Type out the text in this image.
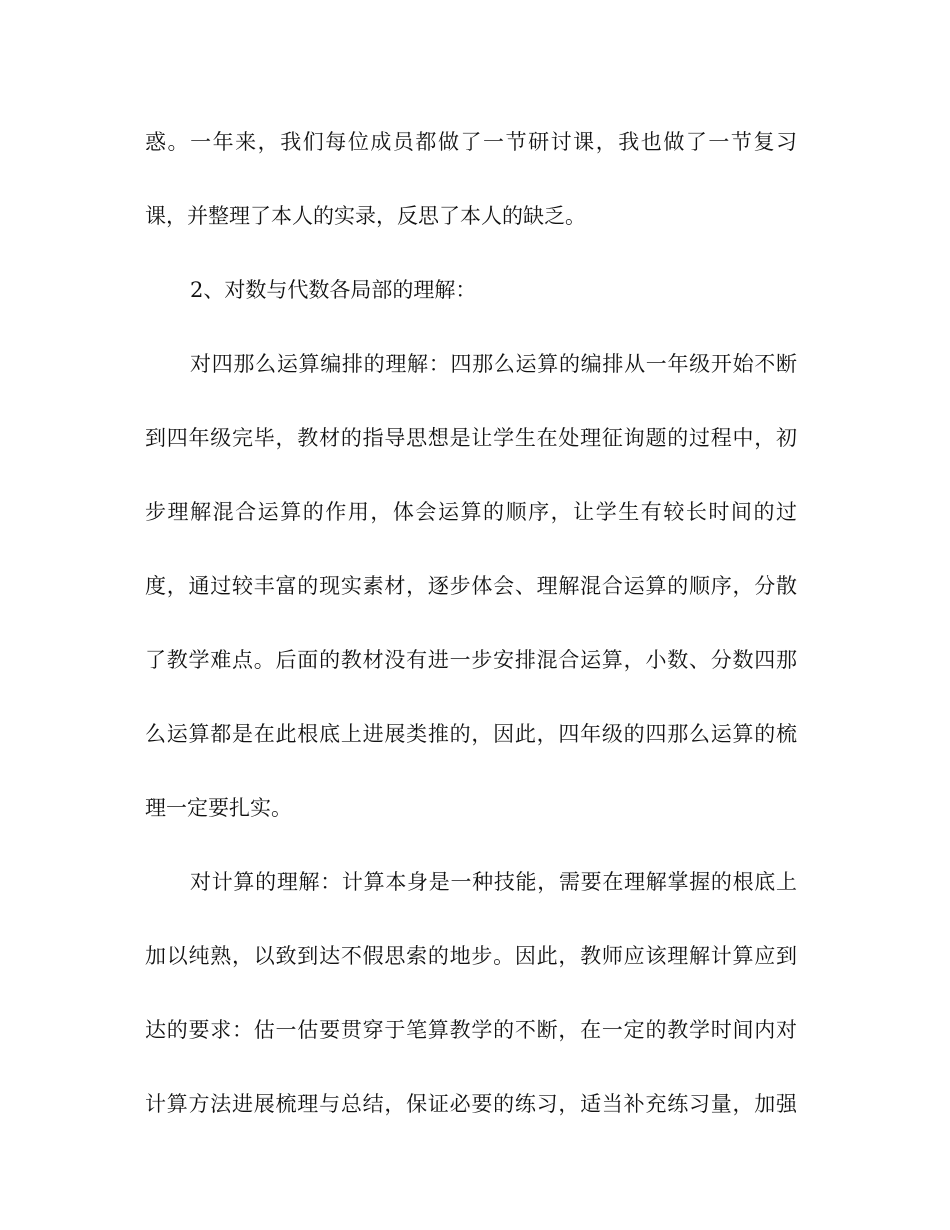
惑。一年来，我们每位成员都做了一节研讨课，我也做了一节复习
课，并整理了本人的实录，反思了本人的缺乏。
2、对数与代数各局部的理解：
对四那么运算编排的理解：四那么运算的编排从一年级开始不断
到四年级完毕，教材的指导思想是让学生在处理征询题的过程中，初
步理解混合运算的作用，体会运算的顺序，让学生有较长时间的过
度，通过较丰富的现实素材，逐步体会、理解混合运算的顺序，分散
了教学难点。后面的教材没有进一步安排混合运算，小数、分数四那
么运算都是在此根底上进展类推的，因此，四年级的四那么运算的梳
理一定要扎实。
对计算的理解：计算本身是一种技能，需要在理解掌握的根底上
加以纯熟，以致到达不假思索的地步。因此，教师应该理解计算应到
达的要求：估一估要贯穿于笔算教学的不断，在一定的教学时间内对
计算方法进展梳理与总结，保证必要的练习，适当补充练习量，加强
